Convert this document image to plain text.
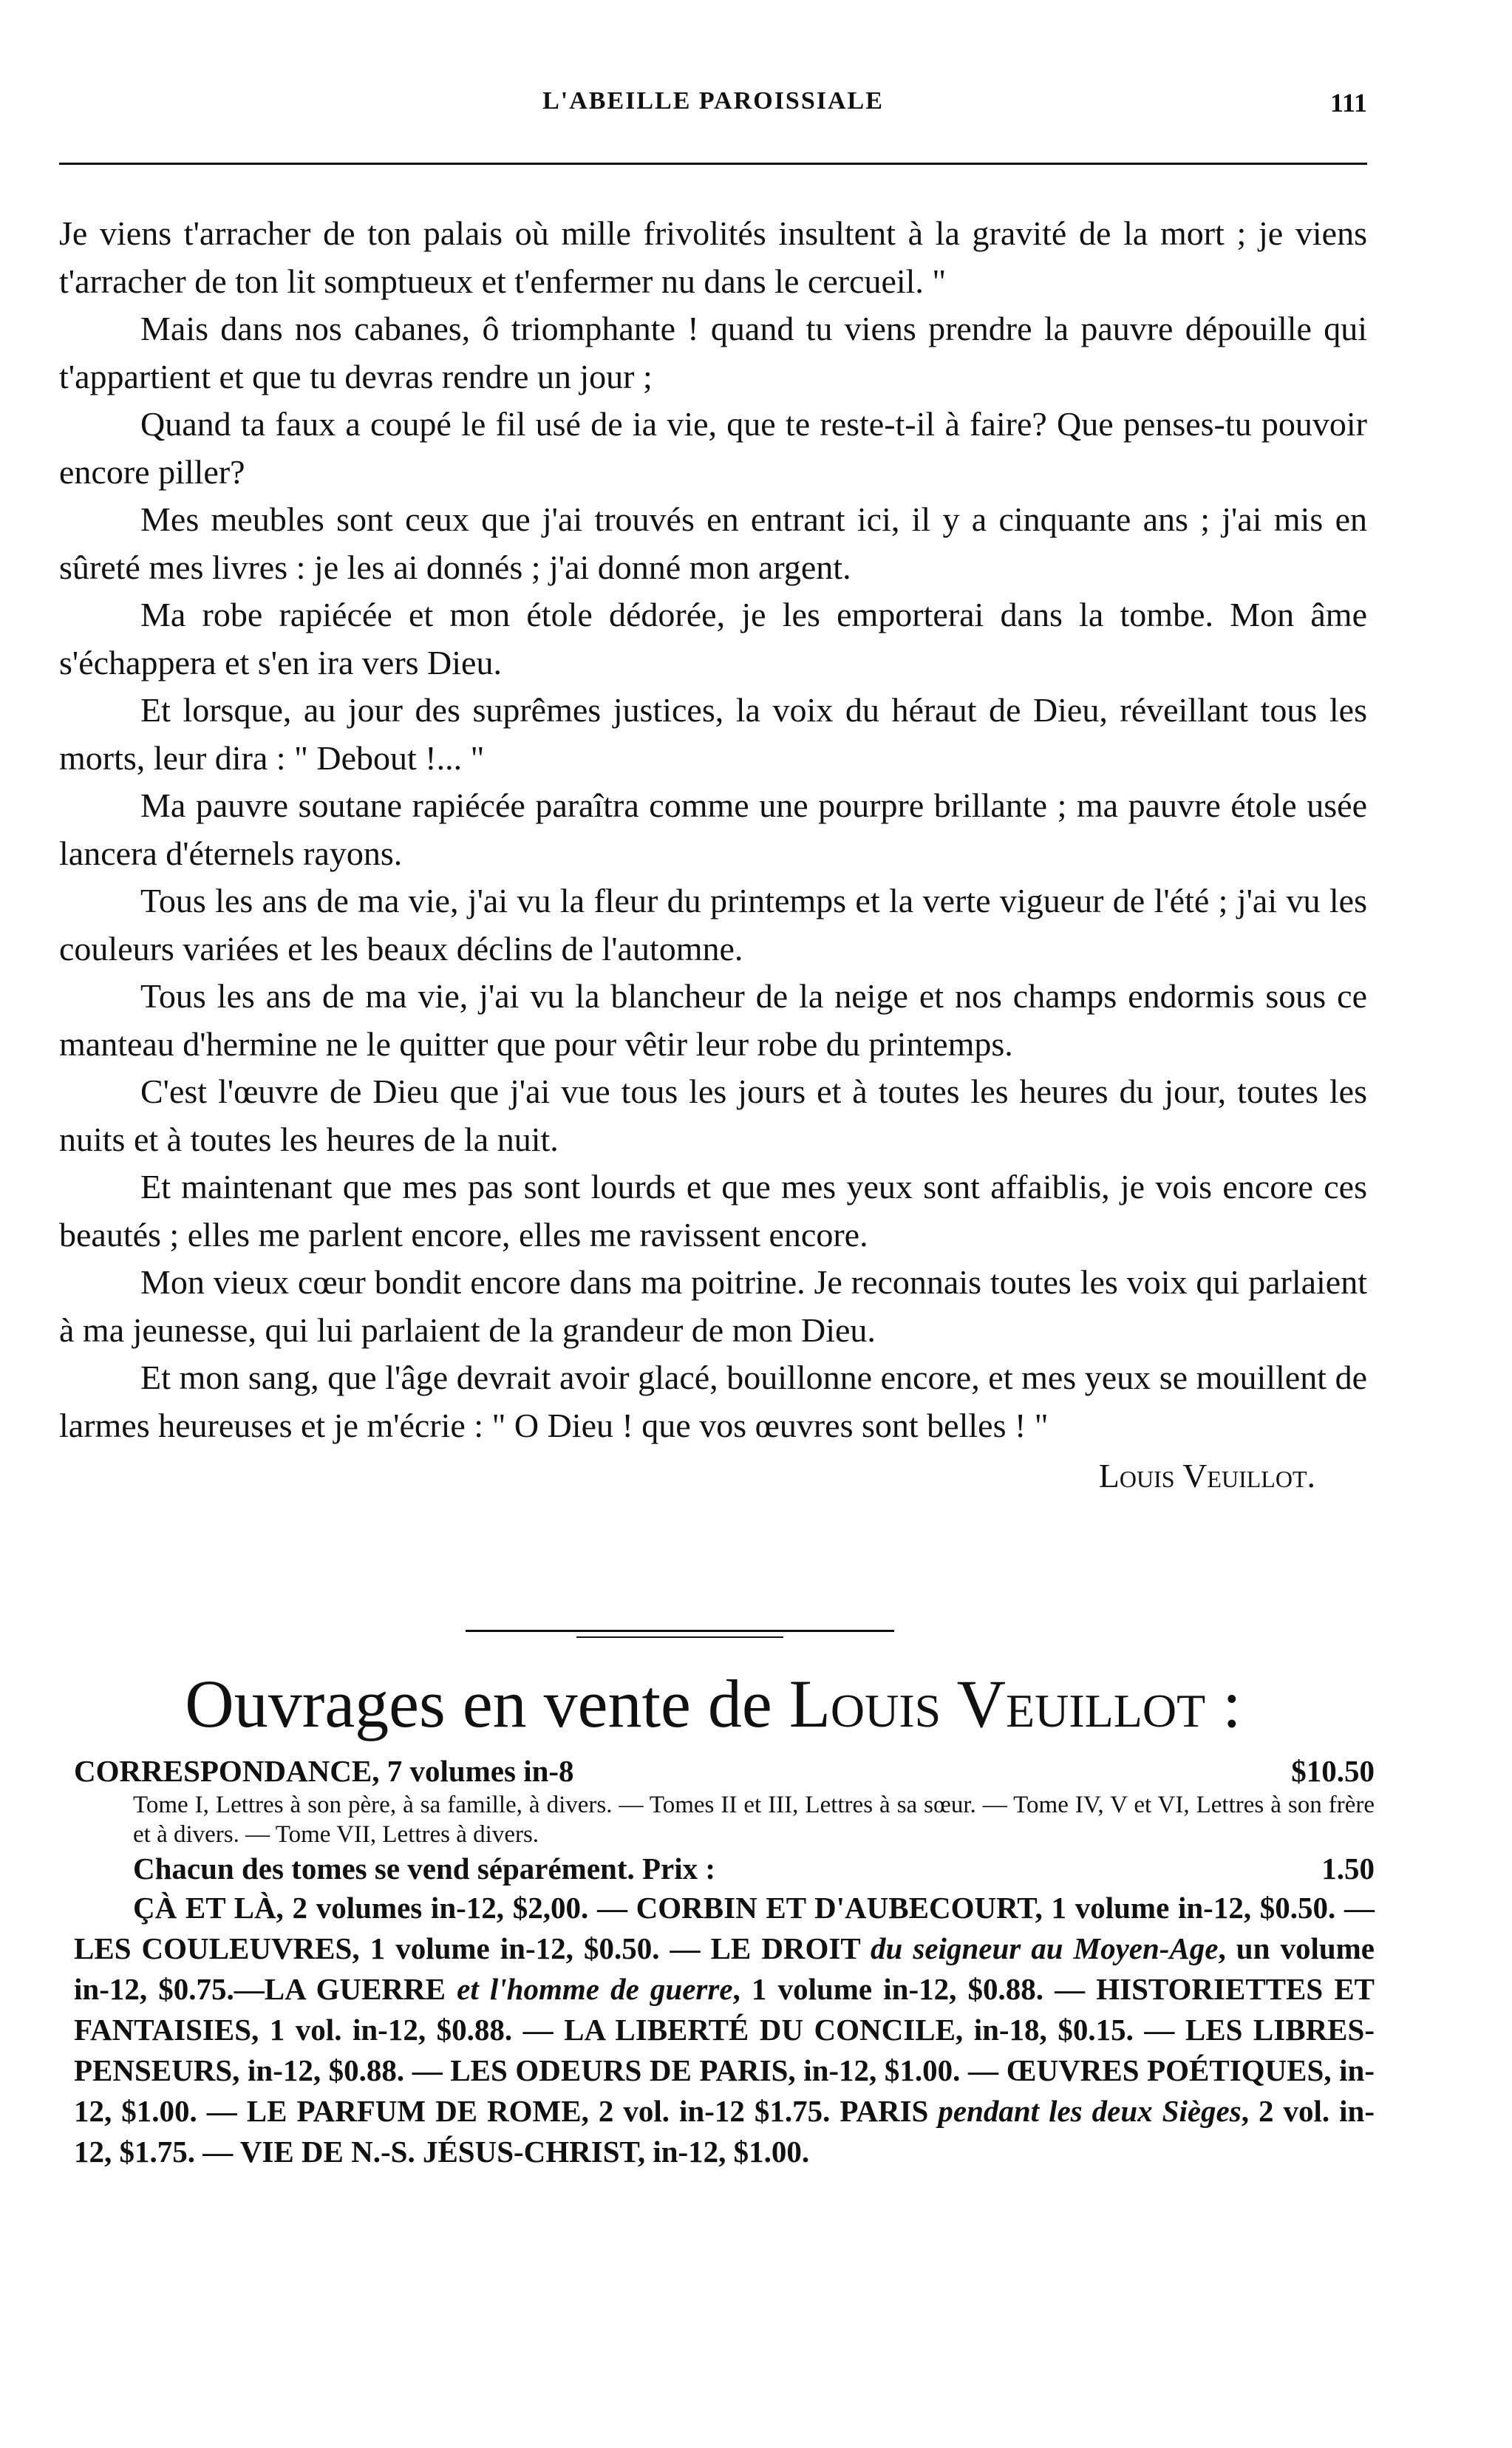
L'ABEILLE PAROISSIALE	111

Je viens t'arracher de ton palais où mille frivolités insultent à la gravité de la mort ; je viens t'arracher de ton lit somptueux et t'enfermer nu dans le cercueil. "

Mais dans nos cabanes, ô triomphante ! quand tu viens prendre la pauvre dépouille qui t'appartient et que tu devras rendre un jour ;

Quand ta faux a coupé le fil usé de ia vie, que te reste-t-il à faire? Que penses-tu pouvoir encore piller?

Mes meubles sont ceux que j'ai trouvés en entrant ici, il y a cinquante ans ; j'ai mis en sûreté mes livres : je les ai donnés ; j'ai donné mon argent.

Ma robe rapiécée et mon étole dédorée, je les emporterai dans la tombe. Mon âme s'échappera et s'en ira vers Dieu.

Et lorsque, au jour des suprêmes justices, la voix du héraut de Dieu, réveillant tous les morts, leur dira : " Debout !... "

Ma pauvre soutane rapiécée paraîtra comme une pourpre brillante ; ma pauvre étole usée lancera d'éternels rayons.

Tous les ans de ma vie, j'ai vu la fleur du printemps et la verte vigueur de l'été ; j'ai vu les couleurs variées et les beaux déclins de l'automne.

Tous les ans de ma vie, j'ai vu la blancheur de la neige et nos champs endormis sous ce manteau d'hermine ne le quitter que pour vêtir leur robe du printemps.

C'est l'œuvre de Dieu que j'ai vue tous les jours et à toutes les heures du jour, toutes les nuits et à toutes les heures de la nuit.

Et maintenant que mes pas sont lourds et que mes yeux sont affaiblis, je vois encore ces beautés ; elles me parlent encore, elles me ravissent encore.

Mon vieux cœur bondit encore dans ma poitrine. Je reconnais toutes les voix qui parlaient à ma jeunesse, qui lui parlaient de la grandeur de mon Dieu.

Et mon sang, que l'âge devrait avoir glacé, bouillonne encore, et mes yeux se mouillent de larmes heureuses et je m'écrie : " O Dieu ! que vos œuvres sont belles ! "

Louis Veuillot.
Ouvrages en vente de Louis Veuillot :
CORRESPONDANCE, 7 volumes in-8	$10.50
Tome I, Lettres à son père, à sa famille, à divers. — Tomes II et III, Lettres à sa sœur. — Tome IV, V et VI, Lettres à son frère et à divers. — Tome VII, Lettres à divers.
Chacun des tomes se vend séparément. Prix :	1.50
ÇÀ ET LÀ, 2 volumes in-12, $2,00. — CORBIN ET D'AUBECOURT, 1 volume in-12, $0.50. — LES COULEUVRES, 1 volume in-12, $0.50. — LE DROIT du seigneur au Moyen-Age, un volume in-12, $0.75.—LA GUERRE et l'homme de guerre, 1 volume in-12, $0.88. — HISTORIETTES ET FANTAISIES, 1 vol. in-12, $0.88. — LA LIBERTÉ DU CONCILE, in-18, $0.15. — LES LIBRES-PENSEURS, in-12, $0.88. — LES ODEURS DE PARIS, in-12, $1.00. — ŒUVRES POÉTIQUES, in-12, $1.00. — LE PARFUM DE ROME, 2 vol. in-12 $1.75. PARIS pendant les deux Sièges, 2 vol. in-12, $1.75. — VIE DE N.-S. JÉSUS-CHRIST, in-12, $1.00.
